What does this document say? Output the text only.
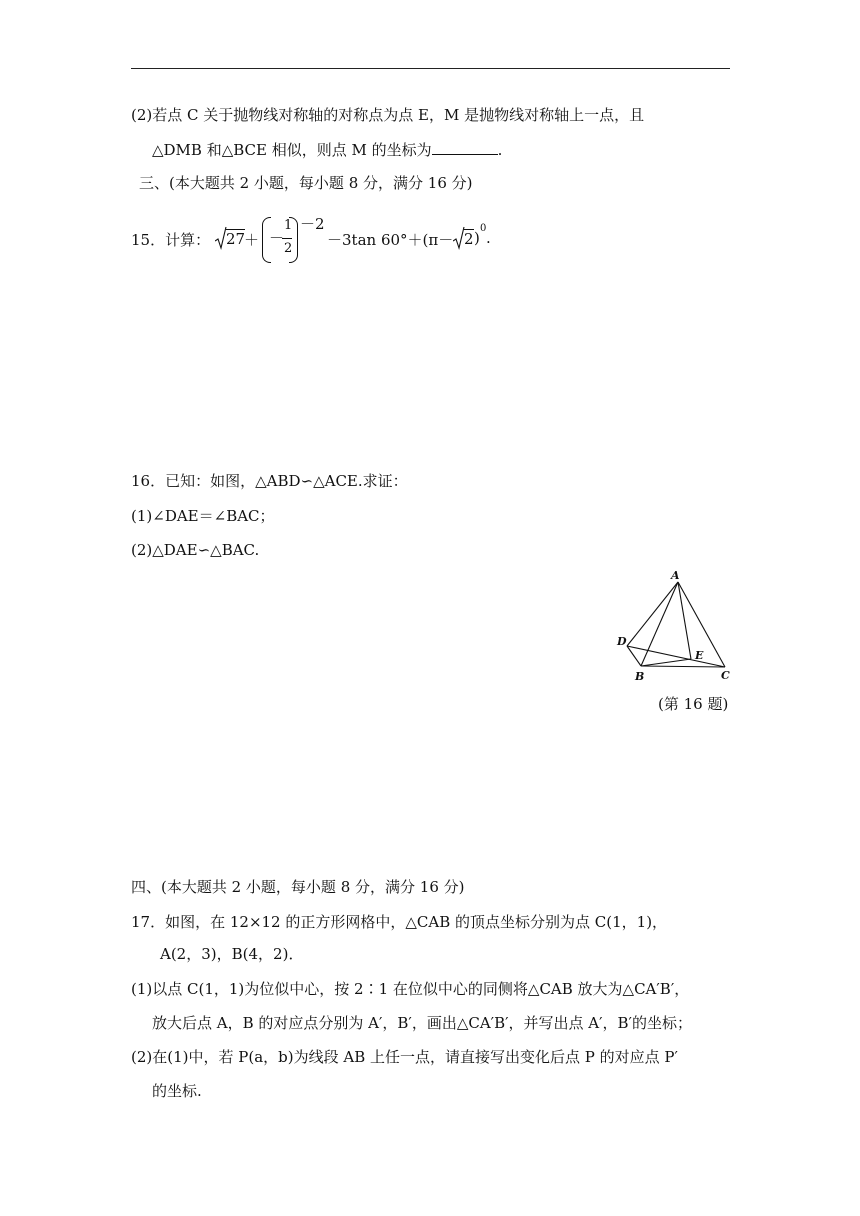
(2)若点 C 关于抛物线对称轴的对称点为点 E，M 是抛物线对称轴上一点，且
△DMB 和△BCE 相似，则点 M 的坐标为	.
三、(本大题共 2 小题，每小题 8 分，满分 16 分)
15．计算： 27
＋ －
1
2
－2
－3tan 60°＋(π－ 2 )
0
.
16．已知：如图，△ABD∽△ACE.求证：
(1)∠DAE＝∠BAC；
(2)△DAE∽△BAC.
A
D
B
E
C
(第 16 题)
四、(本大题共 2 小题，每小题 8 分，满分 16 分)
17．如图，在 12×12 的正方形网格中，△CAB 的顶点坐标分别为点 C(1，1)，
A(2，3)，B(4，2)．
(1)以点 C(1，1)为位似中心，按 2∶1 在位似中心的同侧将△CAB 放大为△CA′B′，
放大后点 A，B 的对应点分别为 A′，B′，画出△CA′B′，并写出点 A′，B′的坐标；
(2)在(1)中，若 P(a，b)为线段 AB 上任一点，请直接写出变化后点 P 的对应点 P′
的坐标.
